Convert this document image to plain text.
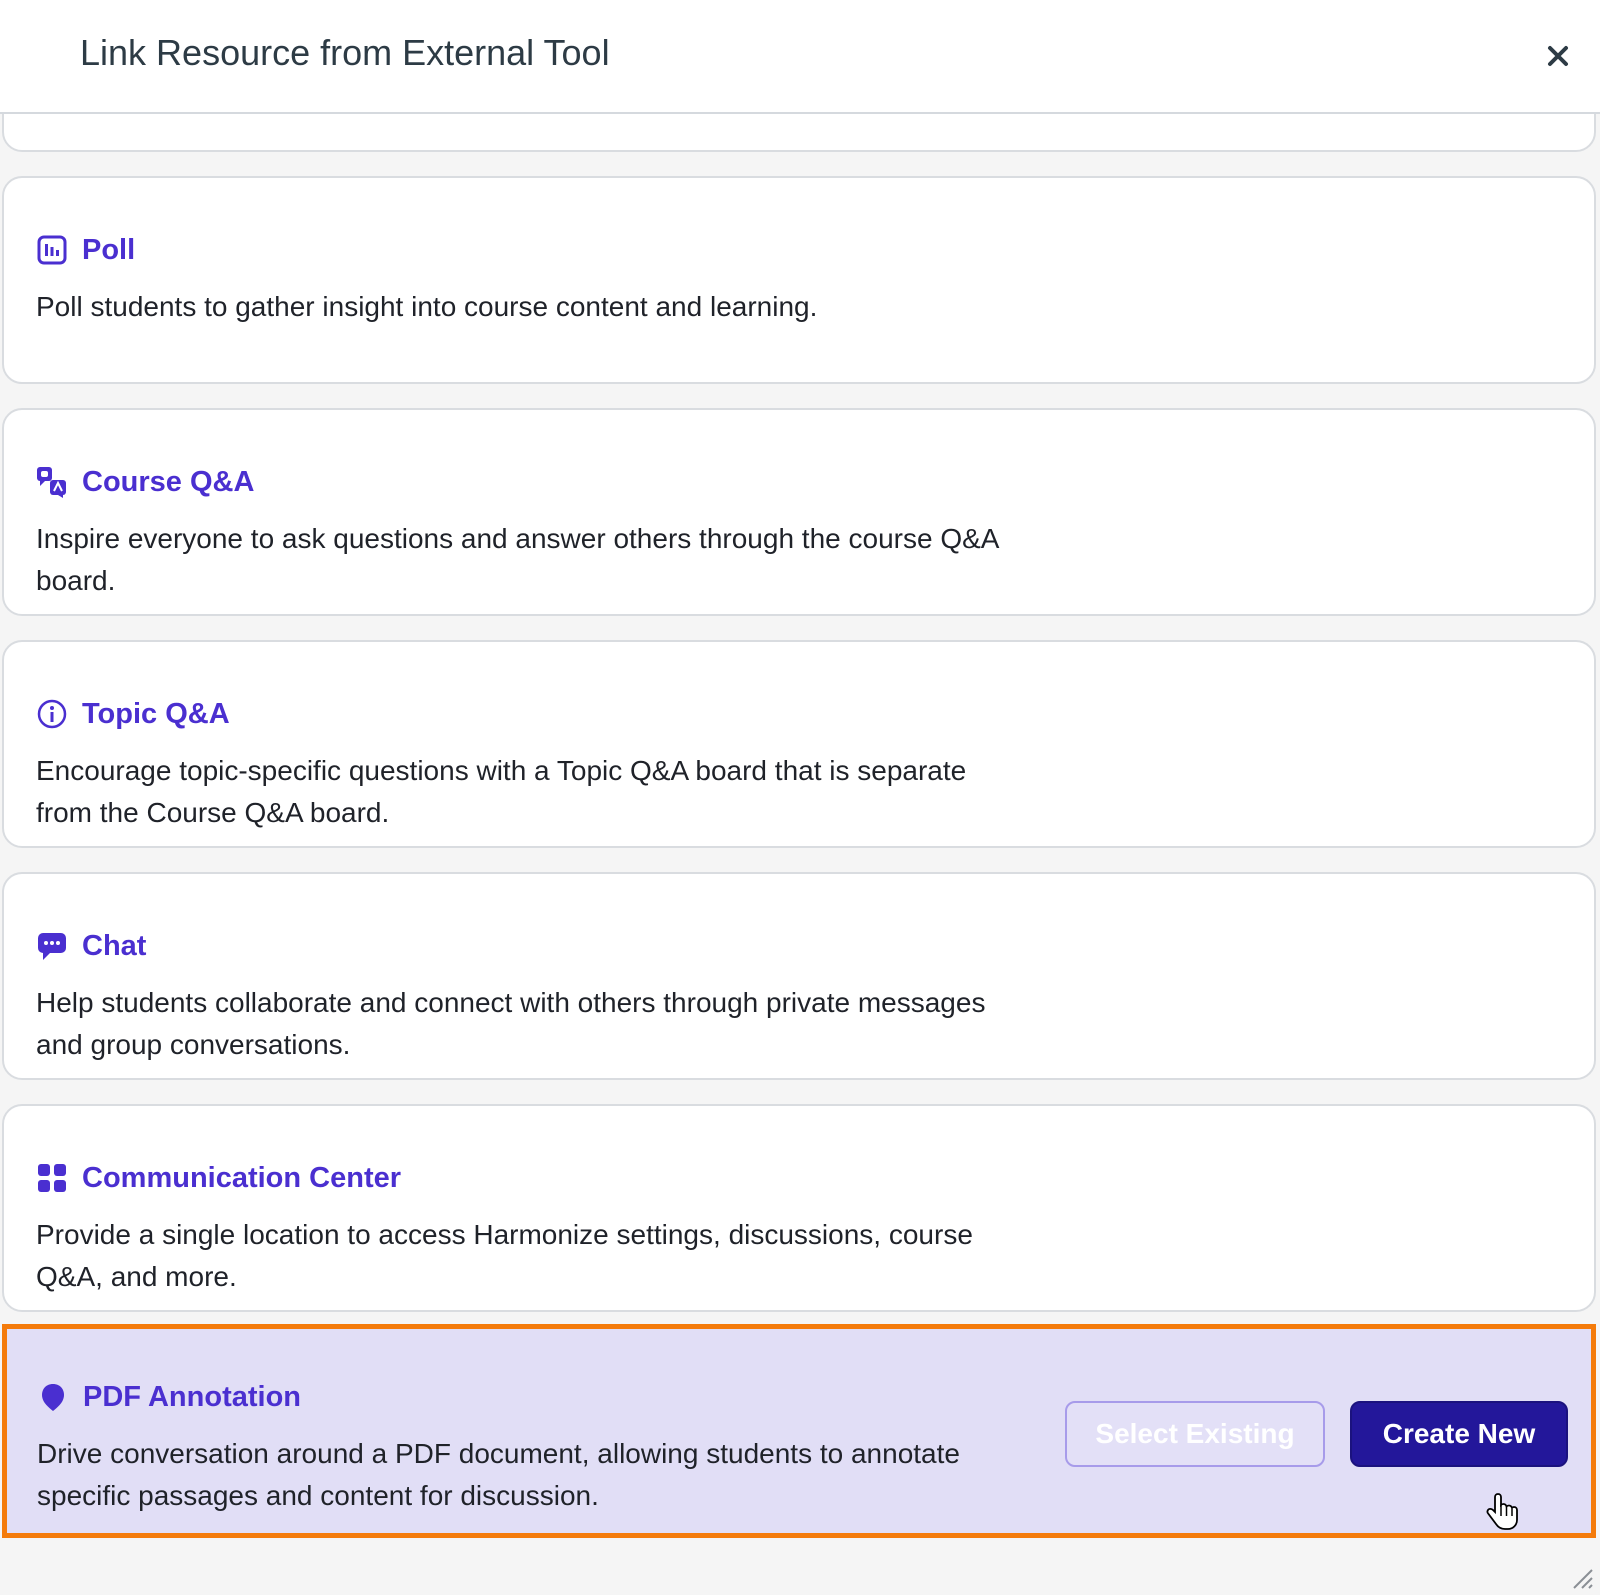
Link Resource from External Tool
Poll
Poll students to gather insight into course content and learning.
Course Q&A
Inspire everyone to ask questions and answer others through the course Q&A board.
Topic Q&A
Encourage topic-specific questions with a Topic Q&A board that is separate from the Course Q&A board.
Chat
Help students collaborate and connect with others through private messages and group conversations.
Communication Center
Provide a single location to access Harmonize settings, discussions, course Q&A, and more.
PDF Annotation
Drive conversation around a PDF document, allowing students to annotate specific passages and content for discussion.
Select Existing	Create New
